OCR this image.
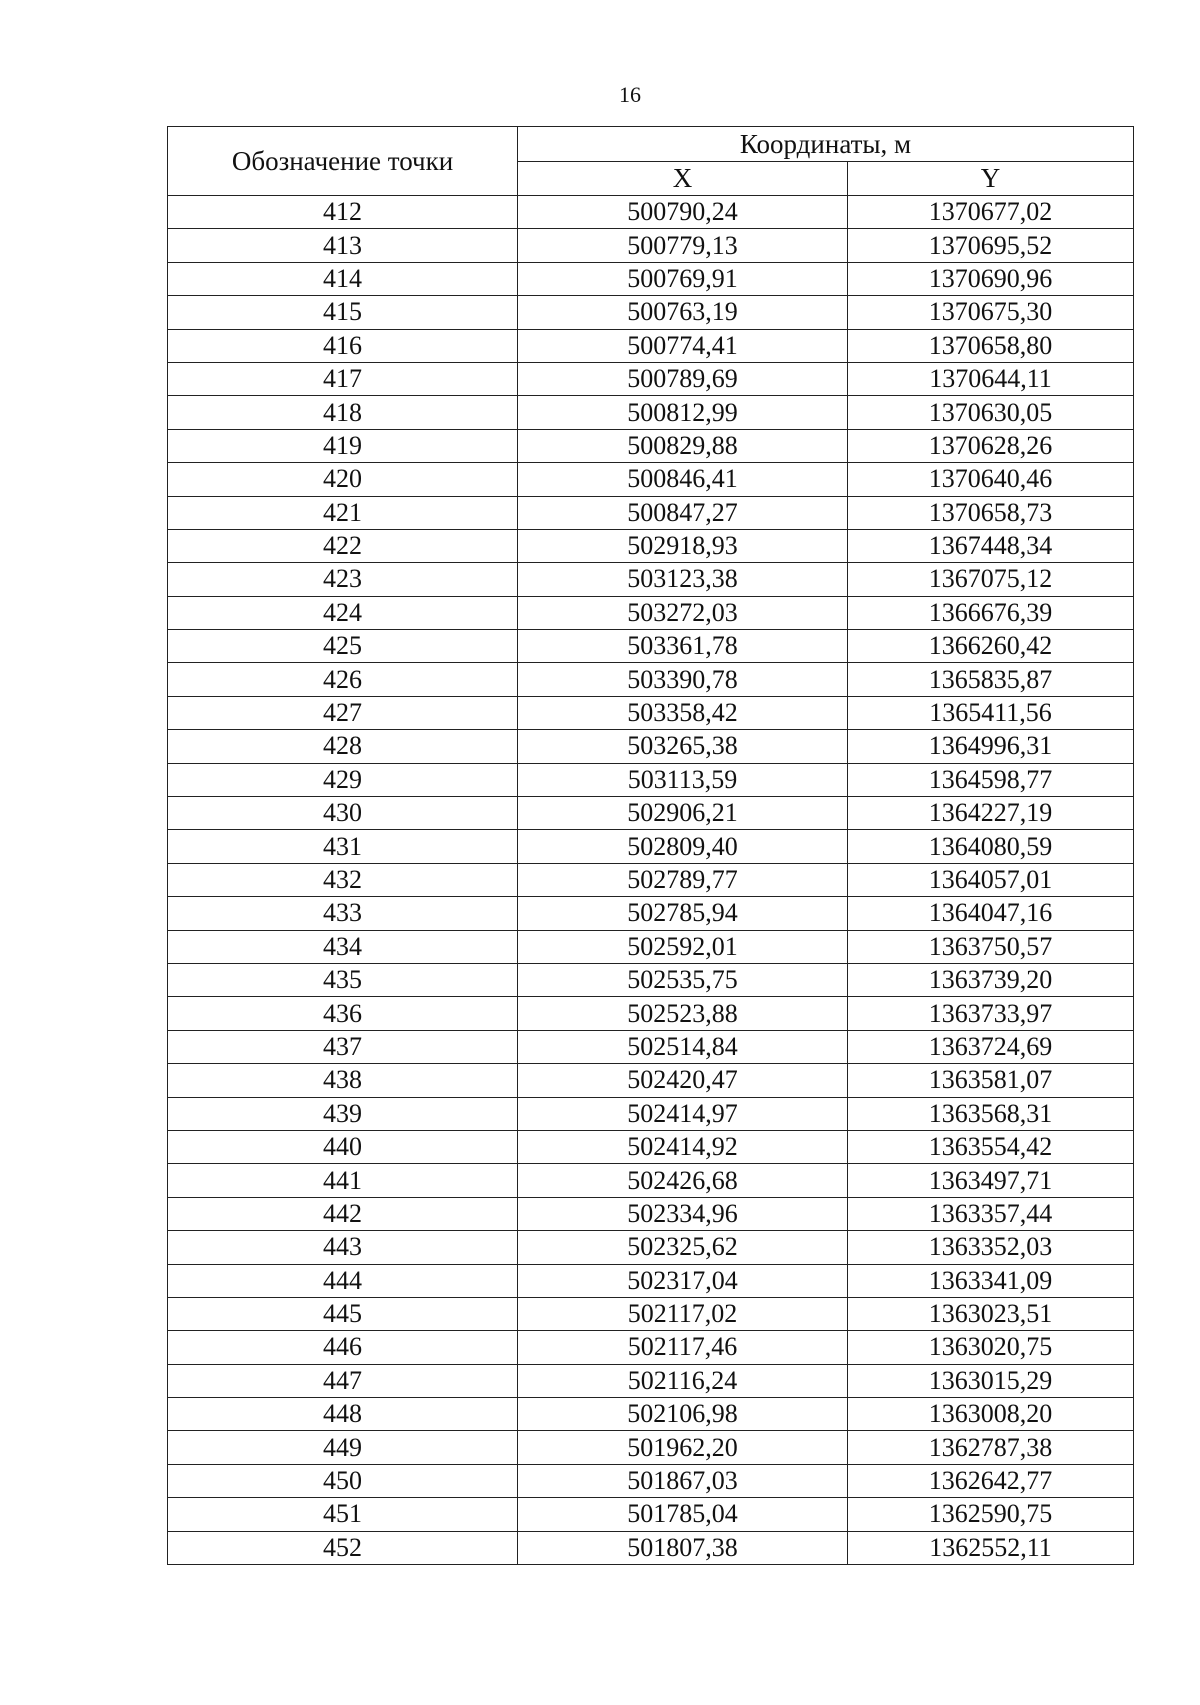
16
Обозначение точки	Координаты, м	
	X	Y
412	500790,24	1370677,02
413	500779,13	1370695,52
414	500769,91	1370690,96
415	500763,19	1370675,30
416	500774,41	1370658,80
417	500789,69	1370644,11
418	500812,99	1370630,05
419	500829,88	1370628,26
420	500846,41	1370640,46
421	500847,27	1370658,73
422	502918,93	1367448,34
423	503123,38	1367075,12
424	503272,03	1366676,39
425	503361,78	1366260,42
426	503390,78	1365835,87
427	503358,42	1365411,56
428	503265,38	1364996,31
429	503113,59	1364598,77
430	502906,21	1364227,19
431	502809,40	1364080,59
432	502789,77	1364057,01
433	502785,94	1364047,16
434	502592,01	1363750,57
435	502535,75	1363739,20
436	502523,88	1363733,97
437	502514,84	1363724,69
438	502420,47	1363581,07
439	502414,97	1363568,31
440	502414,92	1363554,42
441	502426,68	1363497,71
442	502334,96	1363357,44
443	502325,62	1363352,03
444	502317,04	1363341,09
445	502117,02	1363023,51
446	502117,46	1363020,75
447	502116,24	1363015,29
448	502106,98	1363008,20
449	501962,20	1362787,38
450	501867,03	1362642,77
451	501785,04	1362590,75
452	501807,38	1362552,11
